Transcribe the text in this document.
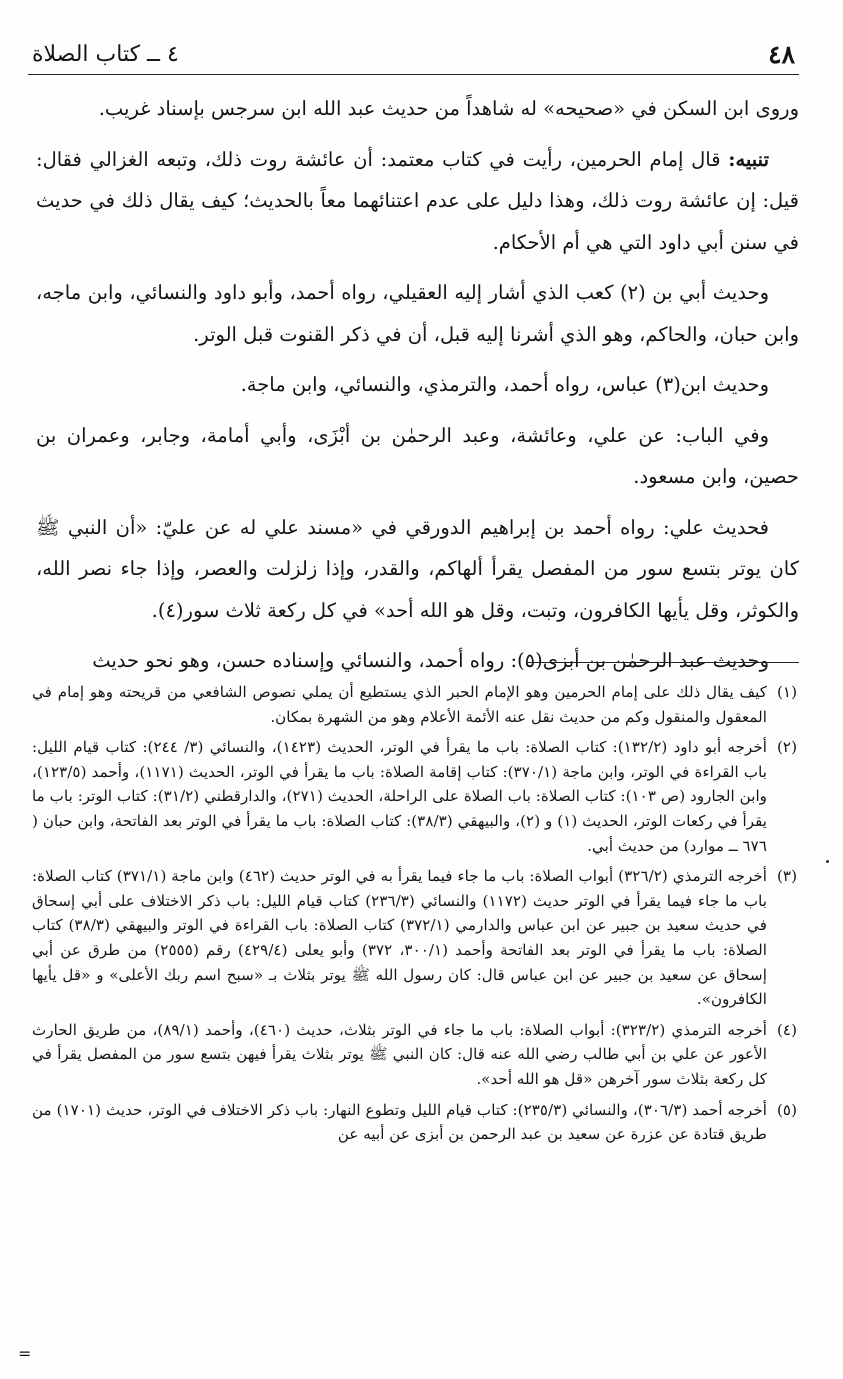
٤٨
٤ ــ كتاب الصلاة

وروى ابن السكن في «صحيحه» له شاهداً من حديث عبد الله ابن سرجس بإسناد غريب.

تنبيه: قال إمام الحرمين، رأيت في كتاب معتمد: أن عائشة روت ذلك، وتبعه الغزالي فقال: قيل: إن عائشة روت ذلك، وهذا دليل على عدم اعتنائهما معاً بالحديث؛ كيف يقال ذلك في حديث في سنن أبي داود التي هي أم الأحكام.

وحديث أبي بن (٢) كعب الذي أشار إليه العقيلي، رواه أحمد، وأبو داود والنسائي، وابن ماجه، وابن حبان، والحاكم، وهو الذي أشرنا إليه قبل، أن في ذكر القنوت قبل الوتر.

وحديث ابن(٣) عباس، رواه أحمد، والترمذي، والنسائي، وابن ماجة.

وفي الباب: عن علي، وعائشة، وعبد الرحمٰن بن أبْزَى، وأبي أمامة، وجابر، وعمران بن حصين، وابن مسعود.

فحديث علي: رواه أحمد بن إبراهيم الدورقي في «مسند علي له عن عليّ: «أن النبي ﷺ كان يوتر بتسع سور من المفصل يقرأ ألهاكم، والقدر، وإذا زلزلت والعصر، وإذا جاء نصر الله، والكوثر، وقل يأيها الكافرون، وتبت، وقل هو الله أحد» في كل ركعة ثلاث سور(٤).

وحديث عبد الرحمٰن بن أبزى(٥): رواه أحمد، والنسائي وإسناده حسن، وهو نحو حديث

(١)
كيف يقال ذلك على إمام الحرمين وهو الإمام الحبر الذي يستطيع أن يملي نصوص الشافعي من قريحته وهو إمام في المعقول والمنقول وكم من حديث نقل عنه الأئمة الأعلام وهو من الشهرة بمكان.
(٢)
أخرجه أبو داود (١٣٢/٢): كتاب الصلاة: باب ما يقرأ في الوتر، الحديث (١٤٢٣)، والنسائي (٣/ ٢٤٤): كتاب قيام الليل: باب القراءة في الوتر، وابن ماجة (٣٧٠/١): كتاب إقامة الصلاة: باب ما يقرأ في الوتر، الحديث (١١٧١)، وأحمد (١٢٣/٥)، وابن الجارود (ص ١٠٣): كتاب الصلاة: باب الصلاة على الراحلة، الحديث (٢٧١)، والدارقطني (٣١/٢): كتاب الوتر: باب ما يقرأ في ركعات الوتر، الحديث (١) و (٢)، والبيهقي (٣٨/٣): كتاب الصلاة: باب ما يقرأ في الوتر بعد الفاتحة، وابن حبان ( ٦٧٦ ــ موارد) من حديث أبي.
(٣)
أخرجه الترمذي (٣٢٦/٢) أبواب الصلاة: باب ما جاء فيما يقرأ به في الوتر حديث (٤٦٢) وابن ماجة (٣٧١/١) كتاب الصلاة: باب ما جاء فيما يقرأ في الوتر حديث (١١٧٢) والنسائي (٢٣٦/٣) كتاب قيام الليل: باب ذكر الاختلاف على أبي إسحاق في حديث سعيد بن جبير عن ابن عباس والدارمي (٣٧٢/١) كتاب الصلاة: باب القراءة في الوتر والبيهقي (٣٨/٣) كتاب الصلاة: باب ما يقرأ في الوتر بعد الفاتحة وأحمد (٣٠٠/١، ٣٧٢) وأبو يعلى (٤٢٩/٤) رقم (٢٥٥٥) من طرق عن أبي إسحاق عن سعيد بن جبير عن ابن عباس قال: كان رسول الله ﷺ يوتر بثلاث بـ «سبح اسم ربك الأعلى» و «قل يأيها الكافرون».
(٤)
أخرجه الترمذي (٣٢٣/٢): أبواب الصلاة: باب ما جاء في الوتر بثلاث، حديث (٤٦٠)، وأحمد (٨٩/١)، من طريق الحارث الأعور عن علي بن أبي طالب رضي الله عنه قال: كان النبي ﷺ يوتر بثلاث يقرأ فيهن بتسع سور من المفصل يقرأ في كل ركعة بثلاث سور آخرهن «قل هو الله أحد».
(٥)
أخرجه أحمد (٣٠٦/٣)، والنسائي (٢٣٥/٣): كتاب قيام الليل وتطوع النهار: باب ذكر الاختلاف في الوتر، حديث (١٧٠١) من طريق قتادة عن عزرة عن سعيد بن عبد الرحمن بن أبزى عن أبيه عن
=
